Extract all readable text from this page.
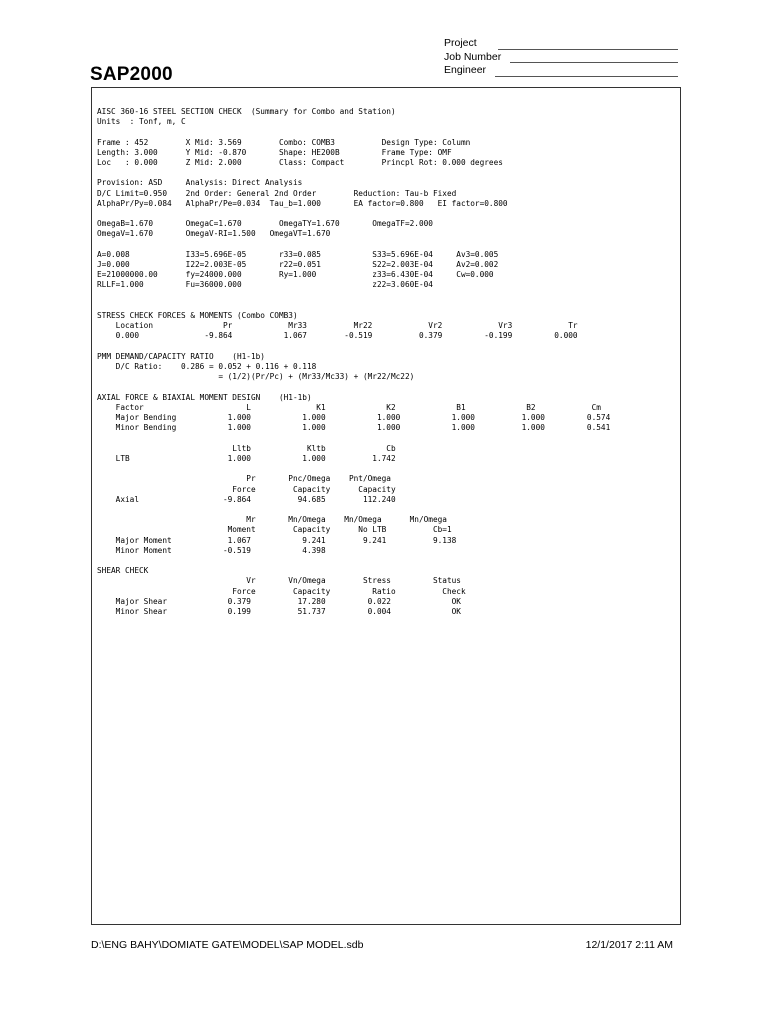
Project
Job Number
Engineer
SAP2000
AISC 360-16 STEEL SECTION CHECK  (Summary for Combo and Station)
Units  : Tonf, m, C

Frame : 452        X Mid: 3.569        Combo: COMB3          Design Type: Column
Length: 3.000      Y Mid: -0.870       Shape: HE200B         Frame Type: OMF
Loc   : 0.000      Z Mid: 2.000        Class: Compact        Princpl Rot: 0.000 degrees

Provision: ASD     Analysis: Direct Analysis
D/C Limit=0.950    2nd Order: General 2nd Order        Reduction: Tau-b Fixed
AlphaPr/Py=0.084   AlphaPr/Pe=0.034  Tau_b=1.000       EA factor=0.800   EI factor=0.800

OmegaB=1.670       OmegaC=1.670        OmegaTY=1.670       OmegaTF=2.000
OmegaV=1.670       OmegaV-RI=1.500   OmegaVT=1.670

A=0.008            I33=5.696E-05       r33=0.085           S33=5.696E-04     Av3=0.005
J=0.000            I22=2.003E-05       r22=0.051           S22=2.003E-04     Av2=0.002
E=21000000.00      fy=24000.000        Ry=1.000            z33=6.430E-04     Cw=0.000
RLLF=1.000         Fu=36000.000                            z22=3.060E-04

STRESS CHECK FORCES & MOMENTS (Combo COMB3)
Location               Pr            Mr33          Mr22            Vr2            Vr3            Tr
0.000              -9.864           1.067        -0.519          0.379         -0.199         0.000

PMM DEMAND/CAPACITY RATIO    (H1-1b)
D/C Ratio:    0.286 = 0.052 + 0.116 + 0.118
= (1/2)(Pr/Pc) + (Mr33/Mc33) + (Mr22/Mc22)

AXIAL FORCE & BIAXIAL MOMENT DESIGN    (H1-1b)
Factor                      L              K1             K2             B1             B2            Cm
Major Bending           1.000           1.000           1.000           1.000          1.000         0.574
Minor Bending           1.000           1.000           1.000           1.000          1.000         0.541

Lltb            Kltb             Cb
LTB                     1.000           1.000          1.742

Pr       Pnc/Omega    Pnt/Omega
Force        Capacity      Capacity
Axial                  -9.864          94.685        112.240

Mr       Mn/Omega    Mn/Omega      Mn/Omega
Moment        Capacity      No LTB          Cb=1
Major Moment            1.067           9.241        9.241          9.138
Minor Moment           -0.519           4.398

SHEAR CHECK
Vr       Vn/Omega        Stress         Status
Force        Capacity         Ratio          Check
Major Shear             0.379          17.280         0.022             OK
Minor Shear             0.199          51.737         0.004             OK
D:\ENG BAHY\DOMIATE GATE\MODEL\SAP MODEL.sdb	12/1/2017 2:11 AM
